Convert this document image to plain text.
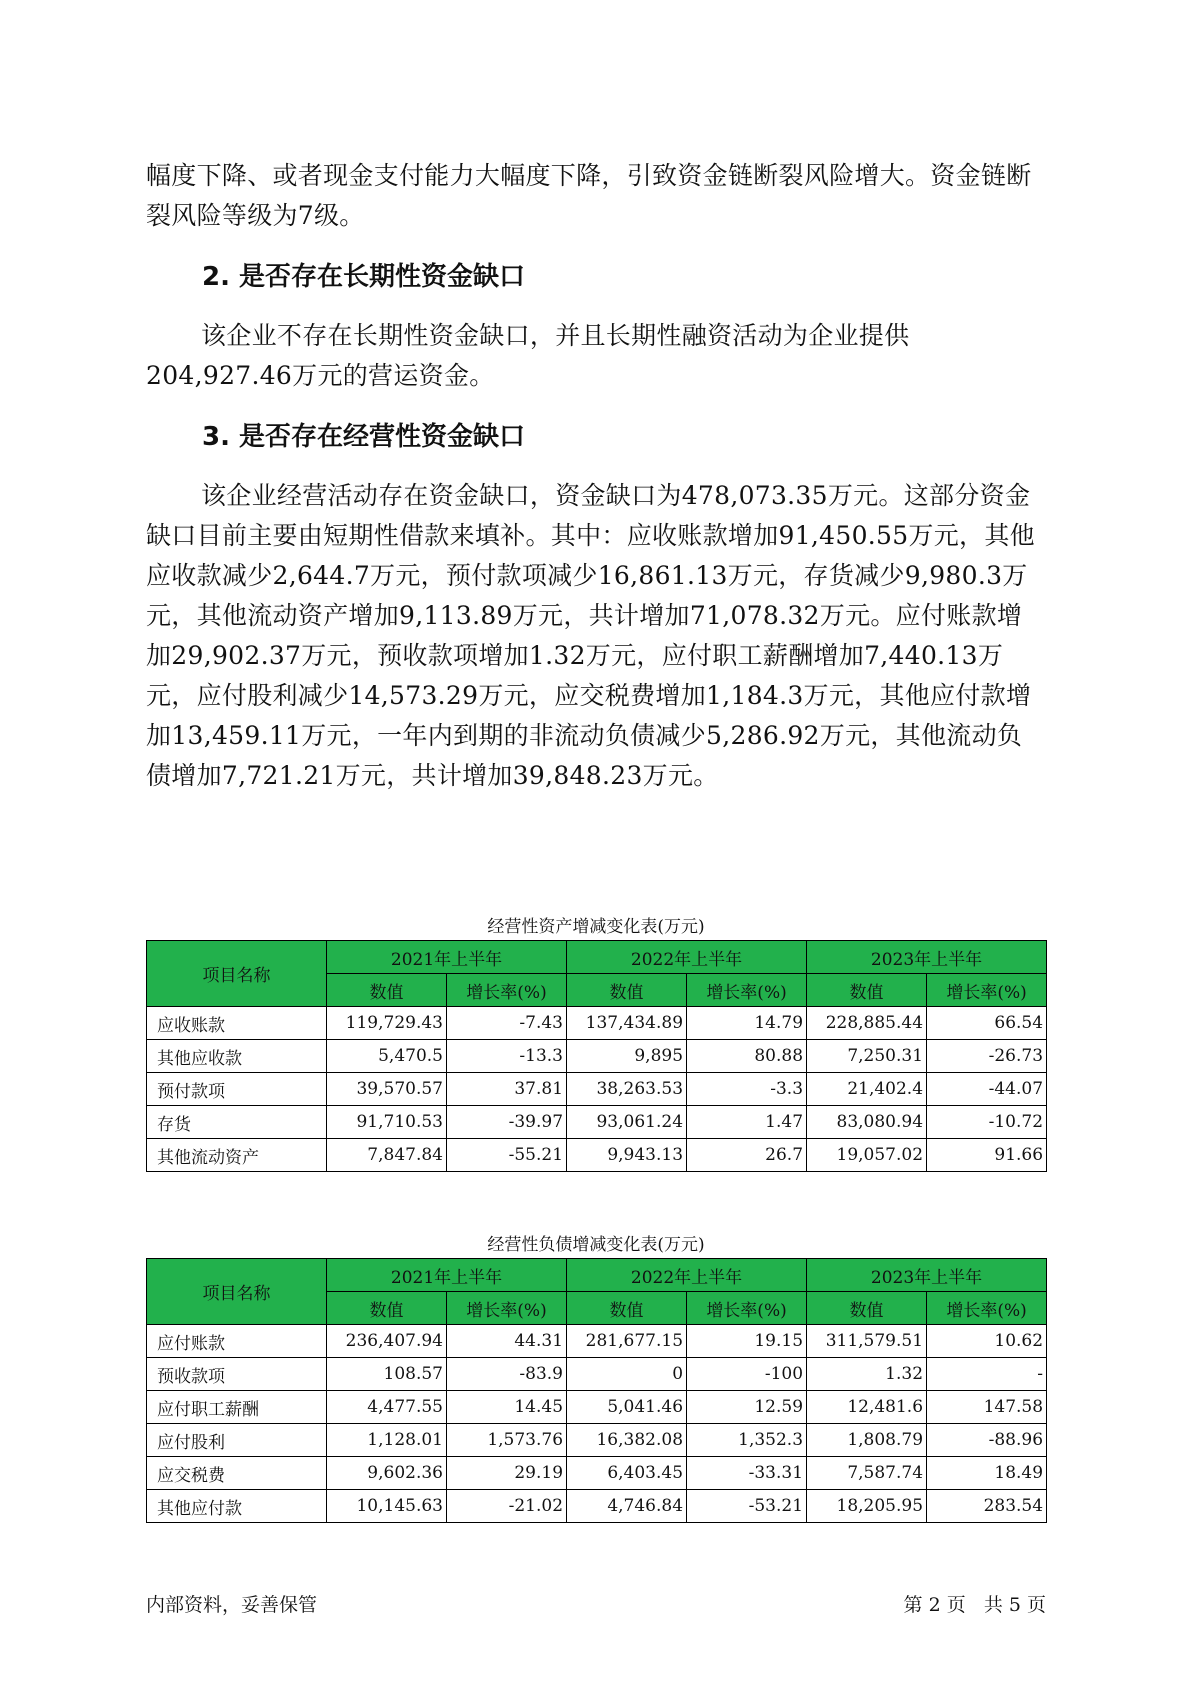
幅度下降、或者现金支付能力大幅度下降，引致资金链断裂风险增大。资金链断裂风险等级为7级。

2. 是否存在长期性资金缺口

该企业不存在长期性资金缺口，并且长期性融资活动为企业提供204,927.46万元的营运资金。

3. 是否存在经营性资金缺口

该企业经营活动存在资金缺口，资金缺口为478,073.35万元。这部分资金缺口目前主要由短期性借款来填补。其中：应收账款增加91,450.55万元，其他应收款减少2,644.7万元，预付款项减少16,861.13万元，存货减少9,980.3万元，其他流动资产增加9,113.89万元，共计增加71,078.32万元。应付账款增加29,902.37万元，预收款项增加1.32万元，应付职工薪酬增加7,440.13万元，应付股利减少14,573.29万元，应交税费增加1,184.3万元，其他应付款增加13,459.11万元，一年内到期的非流动负债减少5,286.92万元，其他流动负债增加7,721.21万元，共计增加39,848.23万元。

经营性资产增减变化表(万元)
项目名称	2021年上半年		2022年上半年		2023年上半年	
	数值	增长率(%)	数值	增长率(%)	数值	增长率(%)
应收账款	119,729.43	-7.43	137,434.89	14.79	228,885.44	66.54
其他应收款	5,470.5	-13.3	9,895	80.88	7,250.31	-26.73
预付款项	39,570.57	37.81	38,263.53	-3.3	21,402.4	-44.07
存货	91,710.53	-39.97	93,061.24	1.47	83,080.94	-10.72
其他流动资产	7,847.84	-55.21	9,943.13	26.7	19,057.02	91.66
经营性负债增减变化表(万元)
项目名称	2021年上半年		2022年上半年		2023年上半年	
	数值	增长率(%)	数值	增长率(%)	数值	增长率(%)
应付账款	236,407.94	44.31	281,677.15	19.15	311,579.51	10.62
预收款项	108.57	-83.9	0	-100	1.32	-
应付职工薪酬	4,477.55	14.45	5,041.46	12.59	12,481.6	147.58
应付股利	1,128.01	1,573.76	16,382.08	1,352.3	1,808.79	-88.96
应交税费	9,602.36	29.19	6,403.45	-33.31	7,587.74	18.49
其他应付款	10,145.63	-21.02	4,746.84	-53.21	18,205.95	283.54
内部资料，妥善保管	第 2 页   共 5 页
